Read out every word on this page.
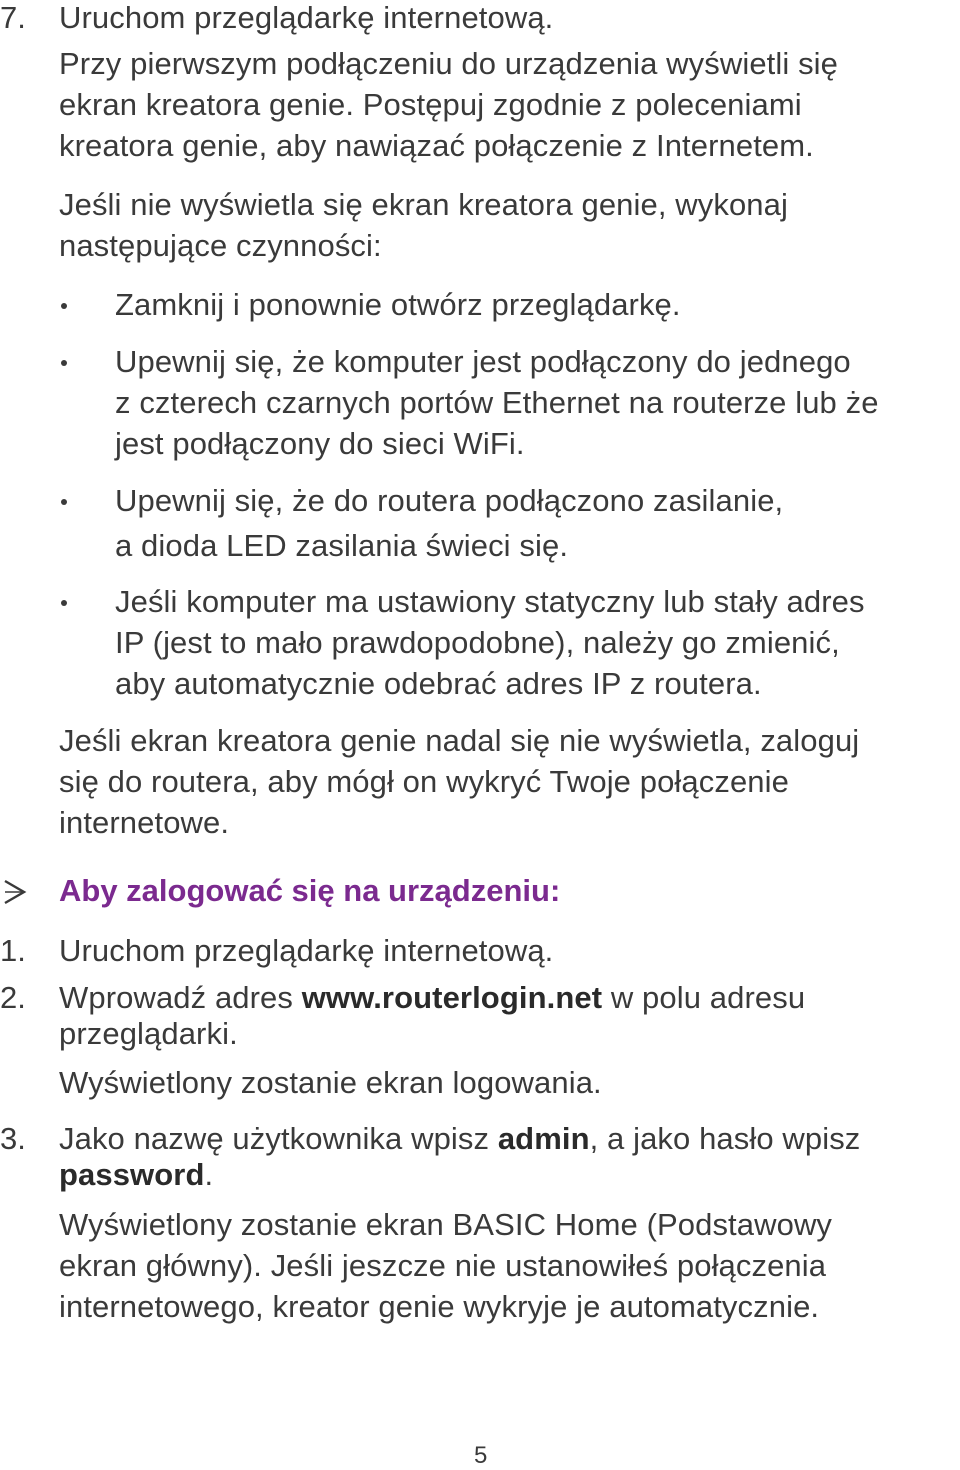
7. Uruchom przeglądarkę internetową.
Przy pierwszym podłączeniu do urządzenia wyświetli się
ekran kreatora genie. Postępuj zgodnie z poleceniami
kreatora genie, aby nawiązać połączenie z Internetem.
Jeśli nie wyświetla się ekran kreatora genie, wykonaj
następujące czynności:
Zamknij i ponownie otwórz przeglądarkę.
Upewnij się, że komputer jest podłączony do jednego
z czterech czarnych portów Ethernet na routerze lub że
jest podłączony do sieci WiFi.
Upewnij się, że do routera podłączono zasilanie,
a dioda LED zasilania świeci się.
Jeśli komputer ma ustawiony statyczny lub stały adres
IP (jest to mało prawdopodobne), należy go zmienić,
aby automatycznie odebrać adres IP z routera.
Jeśli ekran kreatora genie nadal się nie wyświetla, zaloguj
się do routera, aby mógł on wykryć Twoje połączenie
internetowe.
Aby zalogować się na urządzeniu:
1. Uruchom przeglądarkę internetową.
2. Wprowadź adres www.routerlogin.net w polu adresu
przeglądarki.
Wyświetlony zostanie ekran logowania.
3. Jako nazwę użytkownika wpisz admin, a jako hasło wpisz
password.
Wyświetlony zostanie ekran BASIC Home (Podstawowy
ekran główny). Jeśli jeszcze nie ustanowiłeś połączenia
internetowego, kreator genie wykryje je automatycznie.
5
